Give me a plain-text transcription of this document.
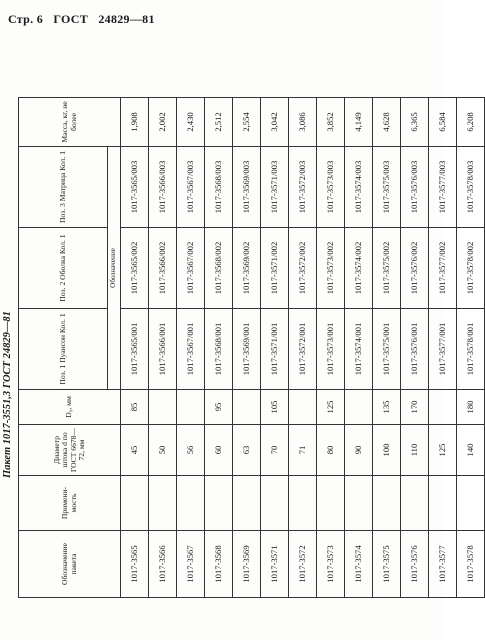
Стр. 6 ГОСТ 24829—81
Пакет 1017-3551,3 ГОСТ 24829—81
Обозначение пакета	Примени-мость	Диаметр штока d по ГОСТ 6678—72, мм	D₀, мм	Поз. 1 Пуансон Кол. 1	Поз. 2 Оболка Кол. 1	Поз. 3 Матрица Кол. 1	Масса, кг, не более
				Обозначение			
1017-3565		45	85	1017-3565/001	1017-3565/002	1017-3565/003	1,908
1017-3566		50		1017-3566/001	1017-3566/002	1017-3566/003	2,002
1017-3567		56		1017-3567/001	1017-3567/002	1017-3567/003	2,430
1017-3568		60	95	1017-3568/001	1017-3568/002	1017-3568/003	2,512
1017-3569		63		1017-3569/001	1017-3569/002	1017-3569/003	2,554
1017-3571		70	105	1017-3571/001	1017-3571/002	1017-3571/003	3,042
1017-3572		71		1017-3572/001	1017-3572/002	1017-3572/003	3,086
1017-3573		80	125	1017-3573/001	1017-3573/002	1017-3573/003	3,852
1017-3574		90		1017-3574/001	1017-3574/002	1017-3574/003	4,149
1017-3575		100	135	1017-3575/001	1017-3575/002	1017-3575/003	4,628
1017-3576		110	170	1017-3576/001	1017-3576/002	1017-3576/003	6,365
1017-3577		125		1017-3577/001	1017-3577/002	1017-3577/003	6,584
1017-3578		140	180	1017-3578/001	1017-3578/002	1017-3578/003	6,208
